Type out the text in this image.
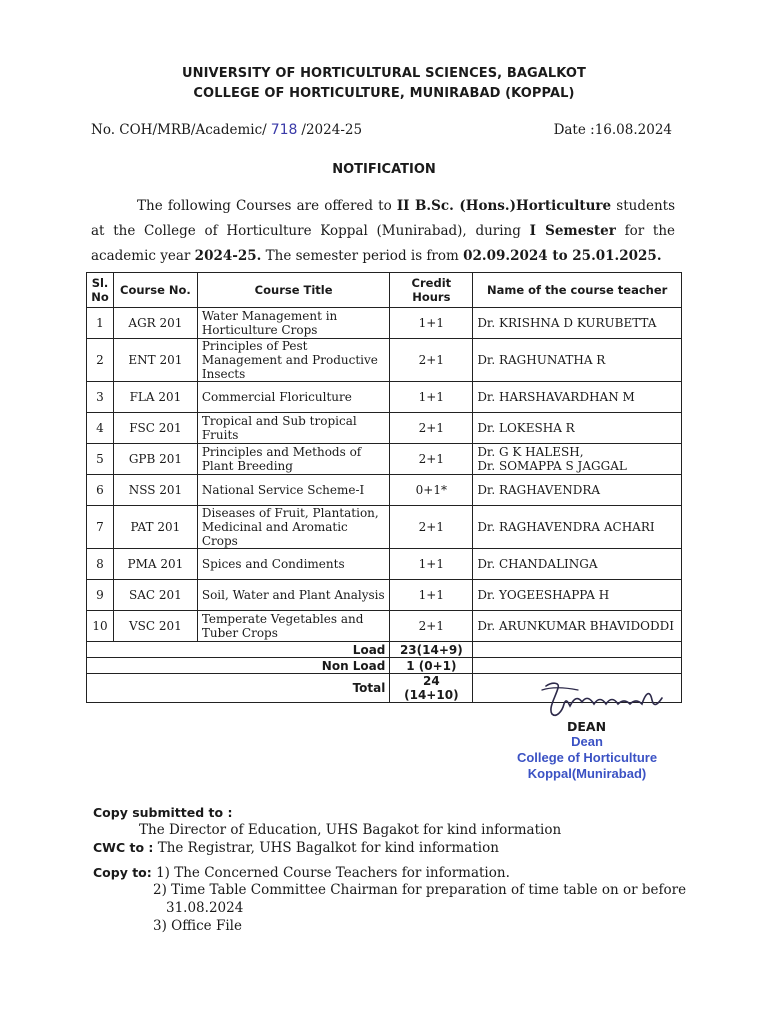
UNIVERSITY OF HORTICULTURAL SCIENCES, BAGALKOT
COLLEGE OF HORTICULTURE, MUNIRABAD (KOPPAL)
No. COH/MRB/Academic/ 718 /2024-25	Date :16.08.2024
NOTIFICATION
The following Courses are offered to II B.Sc. (Hons.)Horticulture students at the College of Horticulture Koppal (Munirabad), during I Semester for the academic year 2024-25. The semester period is from 02.09.2024 to 25.01.2025.
Sl. No	Course No.	Course Title	Credit Hours	Name of the course teacher
1	AGR 201	Water Management in Horticulture Crops	1+1	Dr. KRISHNA D KURUBETTA
2	ENT 201	Principles of Pest Management and Productive Insects	2+1	Dr. RAGHUNATHA R
3	FLA 201	Commercial Floriculture	1+1	Dr. HARSHAVARDHAN M
4	FSC 201	Tropical and Sub tropical Fruits	2+1	Dr. LOKESHA R
5	GPB 201	Principles and Methods of Plant Breeding	2+1	Dr. G K HALESH,
Dr. SOMAPPA S JAGGAL

6	NSS 201	National Service Scheme-I	0+1*	Dr. RAGHAVENDRA
7	PAT 201	Diseases of Fruit, Plantation, Medicinal and Aromatic Crops	2+1	Dr. RAGHAVENDRA ACHARI
8	PMA 201	Spices and Condiments	1+1	Dr. CHANDALINGA
9	SAC 201	Soil, Water and Plant Analysis	1+1	Dr. YOGEESHAPPA H
10	VSC 201	Temperate Vegetables and Tuber Crops	2+1	Dr. ARUNKUMAR BHAVIDODDI
Load			23(14+9)	
Non Load			1 (0+1)	
Total			24 (14+10)	
DEAN
Dean
College of Horticulture
Koppal(Munirabad)
Copy submitted to :
The Director of Education, UHS Bagakot for kind information
CWC to : The Registrar, UHS Bagalkot for kind information
Copy to: 1) The Concerned Course Teachers for information.
2) Time Table Committee Chairman for preparation of time table on or before
31.08.2024
3) Office File
